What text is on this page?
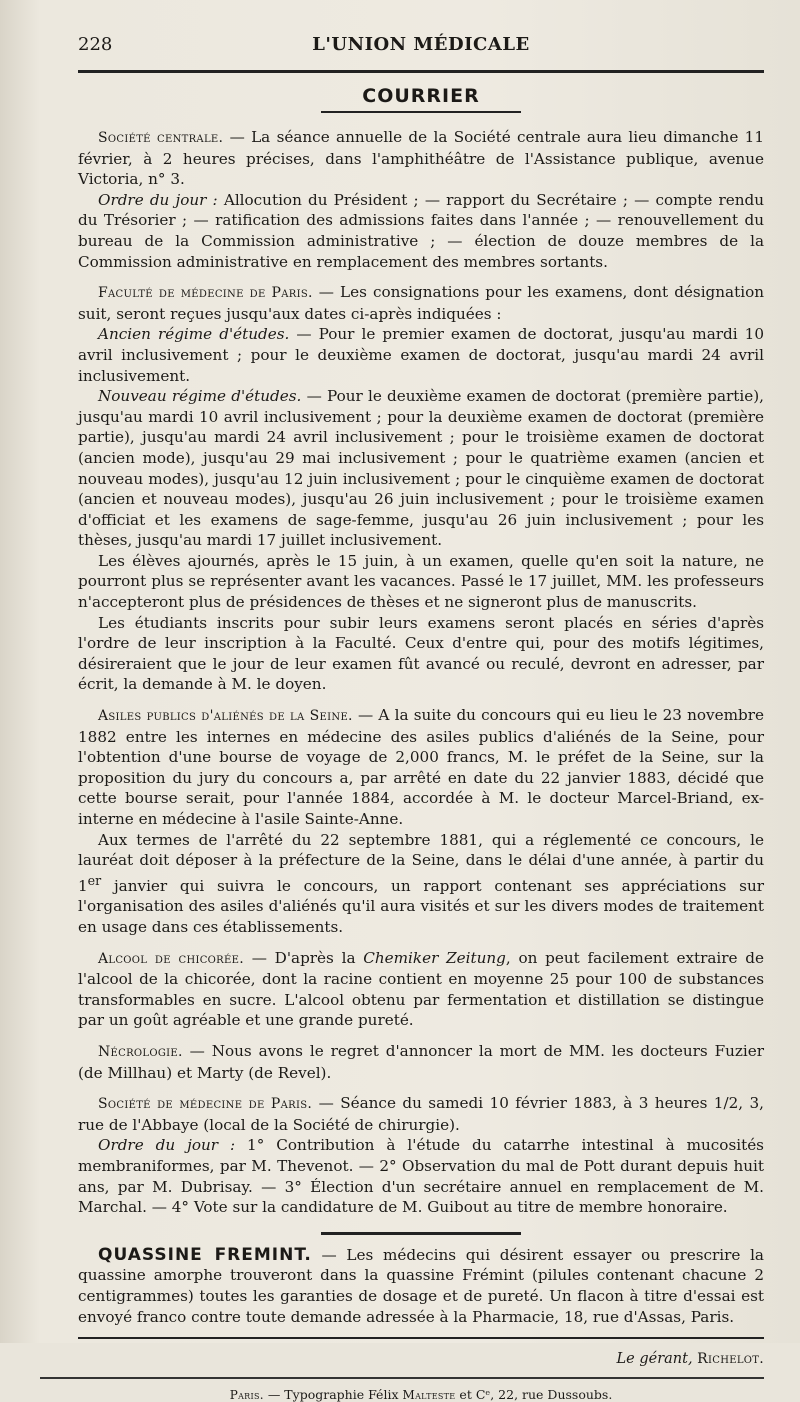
228	L'UNION MÉDICALE
COURRIER

Société centrale. — La séance annuelle de la Société centrale aura lieu dimanche 11 février, à 2 heures précises, dans l'amphithéâtre de l'Assistance publique, avenue Victoria, n° 3.

Ordre du jour : Allocution du Président ; — rapport du Secrétaire ; — compte rendu du Trésorier ; — ratification des admissions faites dans l'année ; — renouvellement du bureau de la Commission administrative ; — élection de douze membres de la Commission administrative en remplacement des membres sortants.

Faculté de médecine de Paris. — Les consignations pour les examens, dont désignation suit, seront reçues jusqu'aux dates ci-après indiquées :

Ancien régime d'études. — Pour le premier examen de doctorat, jusqu'au mardi 10 avril inclusivement ; pour le deuxième examen de doctorat, jusqu'au mardi 24 avril inclusivement.

Nouveau régime d'études. — Pour le deuxième examen de doctorat (première partie), jusqu'au mardi 10 avril inclusivement ; pour la deuxième examen de doctorat (première partie), jusqu'au mardi 24 avril inclusivement ; pour le troisième examen de doctorat (ancien mode), jusqu'au 29 mai inclusivement ; pour le quatrième examen (ancien et nouveau modes), jusqu'au 12 juin inclusivement ; pour le cinquième examen de doctorat (ancien et nouveau modes), jusqu'au 26 juin inclusivement ; pour le troisième examen d'officiat et les examens de sage-femme, jusqu'au 26 juin inclusivement ; pour les thèses, jusqu'au mardi 17 juillet inclusivement.

Les élèves ajournés, après le 15 juin, à un examen, quelle qu'en soit la nature, ne pourront plus se représenter avant les vacances. Passé le 17 juillet, MM. les professeurs n'accepteront plus de présidences de thèses et ne signeront plus de manuscrits.

Les étudiants inscrits pour subir leurs examens seront placés en séries d'après l'ordre de leur inscription à la Faculté. Ceux d'entre qui, pour des motifs légitimes, désireraient que le jour de leur examen fût avancé ou reculé, devront en adresser, par écrit, la demande à M. le doyen.

Asiles publics d'aliénés de la Seine. — A la suite du concours qui eu lieu le 23 novembre 1882 entre les internes en médecine des asiles publics d'aliénés de la Seine, pour l'obtention d'une bourse de voyage de 2,000 francs, M. le préfet de la Seine, sur la proposition du jury du concours a, par arrêté en date du 22 janvier 1883, décidé que cette bourse serait, pour l'année 1884, accordée à M. le docteur Marcel-Briand, ex-interne en médecine à l'asile Sainte-Anne.

Aux termes de l'arrêté du 22 septembre 1881, qui a réglementé ce concours, le lauréat doit déposer à la préfecture de la Seine, dans le délai d'une année, à partir du 1er janvier qui suivra le concours, un rapport contenant ses appréciations sur l'organisation des asiles d'aliénés qu'il aura visités et sur les divers modes de traitement en usage dans ces établissements.

Alcool de chicorée. — D'après la Chemiker Zeitung, on peut facilement extraire de l'alcool de la chicorée, dont la racine contient en moyenne 25 pour 100 de substances transformables en sucre. L'alcool obtenu par fermentation et distillation se distingue par un goût agréable et une grande pureté.

Nécrologie. — Nous avons le regret d'annoncer la mort de MM. les docteurs Fuzier (de Millhau) et Marty (de Revel).

Société de médecine de Paris. — Séance du samedi 10 février 1883, à 3 heures 1/2, 3, rue de l'Abbaye (local de la Société de chirurgie).

Ordre du jour : 1° Contribution à l'étude du catarrhe intestinal à mucosités membraniformes, par M. Thevenot. — 2° Observation du mal de Pott durant depuis huit ans, par M. Dubrisay. — 3° Élection d'un secrétaire annuel en remplacement de M. Marchal. — 4° Vote sur la candidature de M. Guibout au titre de membre honoraire.

QUASSINE FREMINT. — Les médecins qui désirent essayer ou prescrire la quassine amorphe trouveront dans la quassine Frémint (pilules contenant chacune 2 centigrammes) toutes les garanties de dosage et de pureté. Un flacon à titre d'essai est envoyé franco contre toute demande adressée à la Pharmacie, 18, rue d'Assas, Paris.

Le gérant, Richelot.
Paris. — Typographie Félix Malteste et Cᵉ, 22, rue Dussoubs.
